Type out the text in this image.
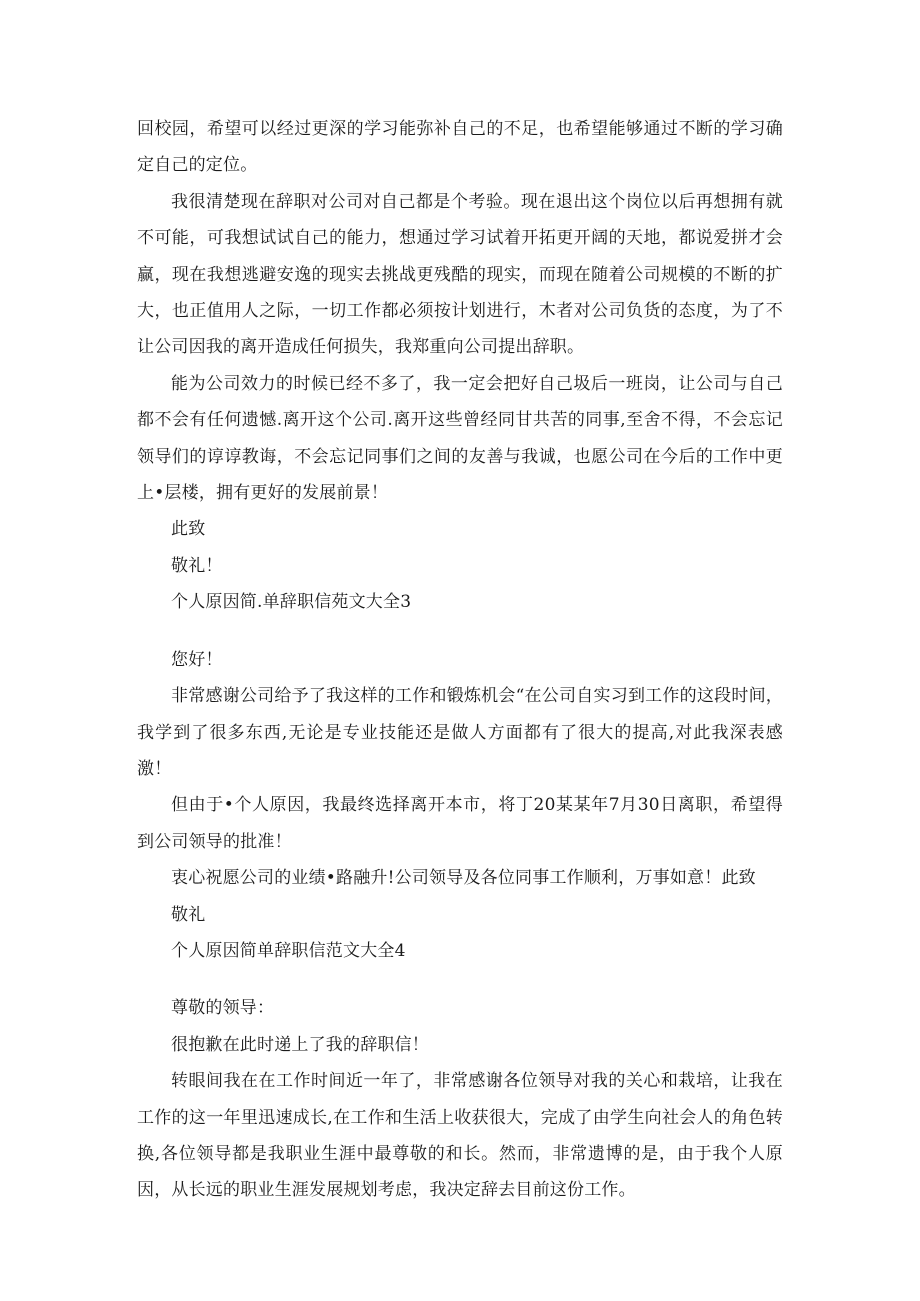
回校园，希望可以经过更深的学习能弥补自己的不足，也希望能够通过不断的学习确定自己的定位。

我很清楚现在辞职对公司对自己都是个考验。现在退出这个岗位以后再想拥有就不可能，可我想试试自己的能力，想通过学习试着开拓更开阔的天地，都说爱拼才会赢，现在我想逃避安逸的现实去挑战更残酷的现实，而现在随着公司规模的不断的扩大，也正值用人之际，一切工作都必须按计划进行，木者对公司负货的态度，为了不让公司因我的离开造成任何损失，我郑重向公司提出辞职。

能为公司效力的时候已经不多了，我一定会把好自己圾后一班岗，让公司与自己都不会有任何遗憾.离开这个公司.离开这些曾经同甘共苦的同事,至舍不得，不会忘记领导们的谆谆教诲，不会忘记同事们之间的友善与我诚，也愿公司在今后的工作中更上•层楼，拥有更好的发展前景！

此致

敬礼！

个人原因简.单辞职信苑文大全3

您好！

非常感谢公司给予了我这样的工作和锻炼机会“在公司自实习到工作的这段时间，我学到了很多东西,无论是专业技能还是做人方面都有了很大的提高,对此我深表感激！

但由于•个人原因，我最终选择离开本市，将丁20某某年7月30日离职，希望得到公司领导的批准！

衷心祝愿公司的业绩•路融升!公司领导及各位同事工作顺利，万事如意！此致

敬礼

个人原因简单辞职信范文大全4

尊敬的领导：

很抱歉在此时递上了我的辞职信！

转眼间我在在工作时间近一年了，非常感谢各位领导对我的关心和栽培，让我在工作的这一年里迅速成长,在工作和生活上收获很大，完成了由学生向社会人的角色转换,各位领导都是我职业生涯中最尊敬的和长。然而，非常遗博的是，由于我个人原因，从长远的职业生涯发展规划考虑，我决定辞去目前这份工作。
